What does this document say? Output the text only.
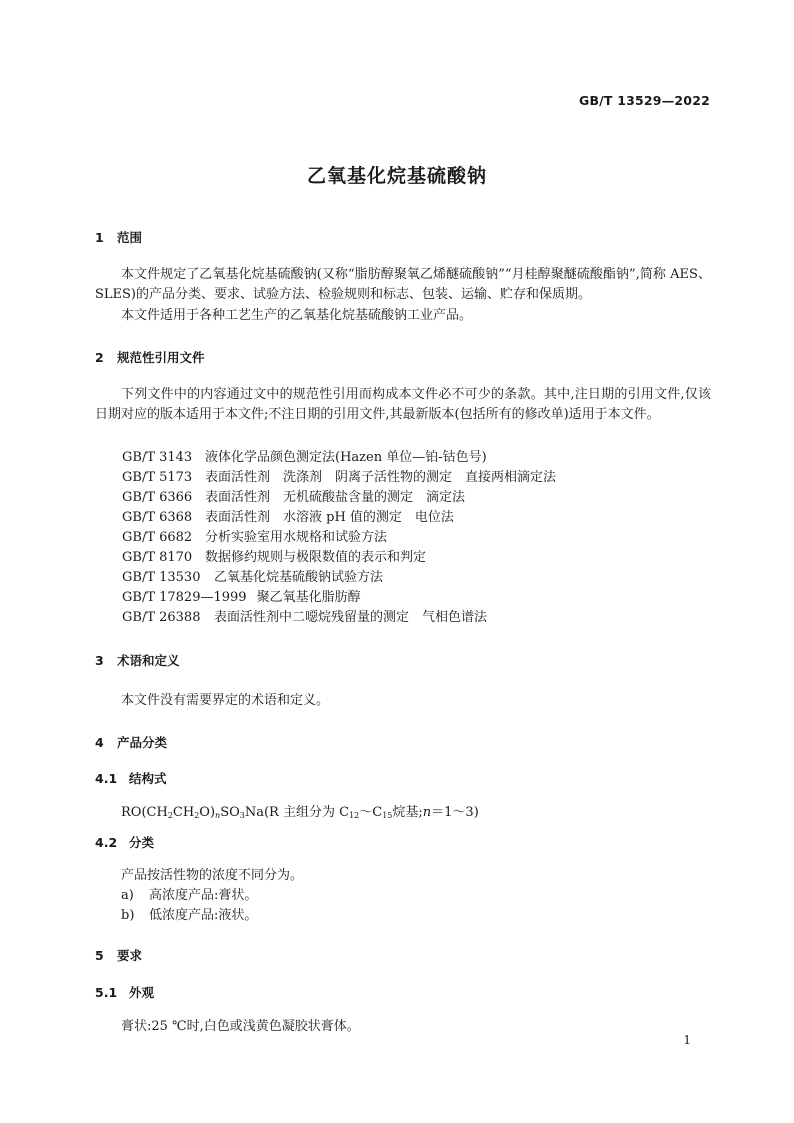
GB/T 13529—2022
乙氧基化烷基硫酸钠
1 范围
本文件规定了乙氧基化烷基硫酸钠(又称“脂肪醇聚氧乙烯醚硫酸钠”“月桂醇聚醚硫酸酯钠”,简称 AES、SLES)的产品分类、要求、试验方法、检验规则和标志、包装、运输、贮存和保质期。
本文件适用于各种工艺生产的乙氧基化烷基硫酸钠工业产品。
2 规范性引用文件
下列文件中的内容通过文中的规范性引用而构成本文件必不可少的条款。其中,注日期的引用文件,仅该日期对应的版本适用于本文件;不注日期的引用文件,其最新版本(包括所有的修改单)适用于本文件。
GB/T 3143 液体化学品颜色测定法(Hazen 单位—铂-钴色号)
GB/T 5173 表面活性剂　洗涤剂　阴离子活性物的测定　直接两相滴定法
GB/T 6366 表面活性剂　无机硫酸盐含量的测定　滴定法
GB/T 6368 表面活性剂　水溶液 pH 值的测定　电位法
GB/T 6682 分析实验室用水规格和试验方法
GB/T 8170 数据修约规则与极限数值的表示和判定
GB/T 13530 乙氧基化烷基硫酸钠试验方法
GB/T 17829—1999 聚乙氧基化脂肪醇
GB/T 26388 表面活性剂中二噁烷残留量的测定　气相色谱法
3 术语和定义
本文件没有需要界定的术语和定义。
4 产品分类
4.1 结构式
$RO(CH_2CH_2O)_nSO_3Na(R$ 主组分为 $C_{12}\sim C_{15}$烷基;n＝1～3)
4.2 分类
产品按活性物的浓度不同分为。
a) 高浓度产品:膏状。
b) 低浓度产品:液状。
5 要求
5.1 外观
膏状:25 ℃时,白色或浅黄色凝胶状膏体。
1
